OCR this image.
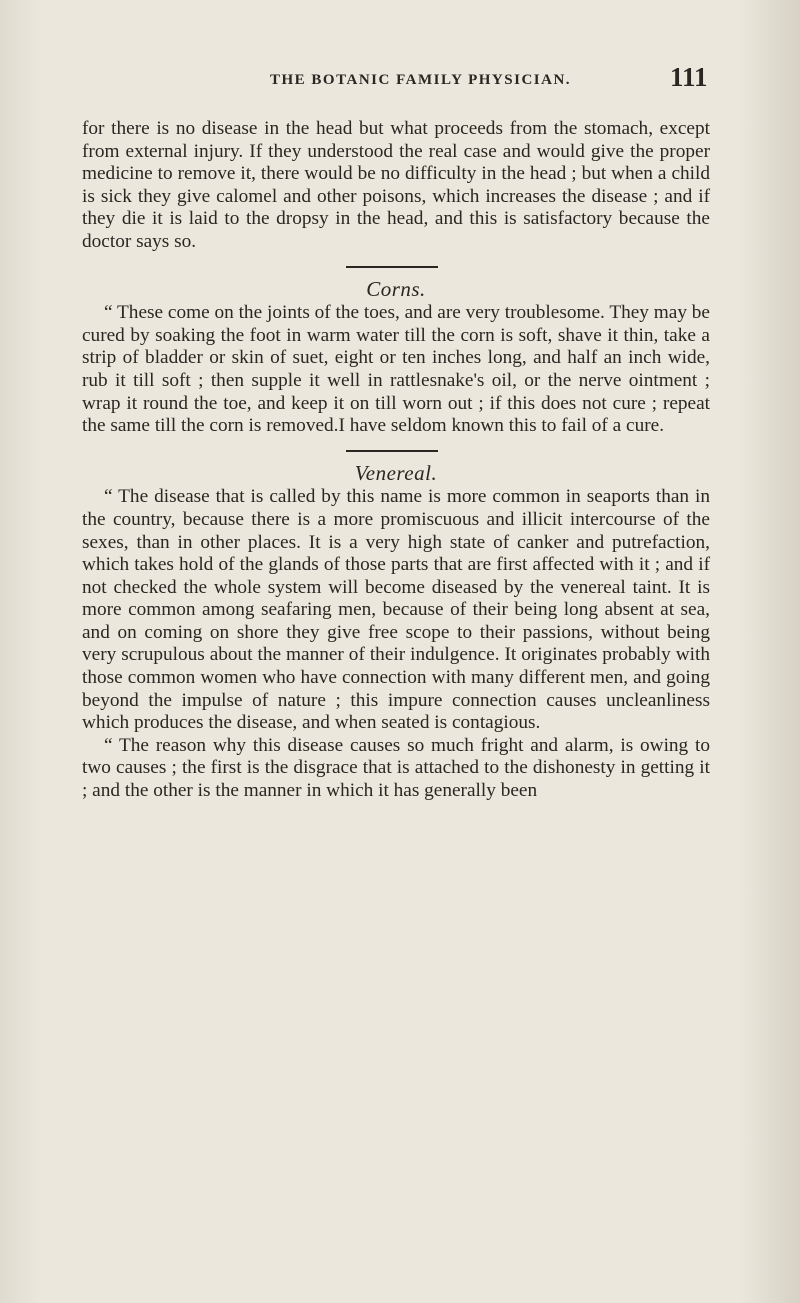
THE BOTANIC FAMILY PHYSICIAN.	111

for there is no disease in the head but what proceeds from the stomach, except from external injury. If they understood the real case and would give the proper medicine to remove it, there would be no difficulty in the head ; but when a child is sick they give calomel and other poisons, which increases the disease ; and if they die it is laid to the dropsy in the head, and this is satisfactory because the doctor says so.

Corns.

“ These come on the joints of the toes, and are very troublesome. They may be cured by soaking the foot in warm water till the corn is soft, shave it thin, take a strip of bladder or skin of suet, eight or ten inches long, and half an inch wide, rub it till soft ; then supple it well in rattlesnake's oil, or the nerve ointment ; wrap it round the toe, and keep it on till worn out ; if this does not cure ; repeat the same till the corn is removed.I have seldom known this to fail of a cure.

Venereal.

“ The disease that is called by this name is more common in seaports than in the country, because there is a more promiscuous and illicit intercourse of the sexes, than in other places. It is a very high state of canker and putrefaction, which takes hold of the glands of those parts that are first affected with it ; and if not checked the whole system will become diseased by the venereal taint. It is more common among seafaring men, because of their being long absent at sea, and on coming on shore they give free scope to their passions, without being very scrupulous about the manner of their indulgence. It originates probably with those common women who have connection with many different men, and going beyond the impulse of nature ; this impure connection causes uncleanliness which produces the disease, and when seated is contagious.

“ The reason why this disease causes so much fright and alarm, is owing to two causes ; the first is the disgrace that is attached to the dishonesty in getting it ; and the other is the manner in which it has generally been
